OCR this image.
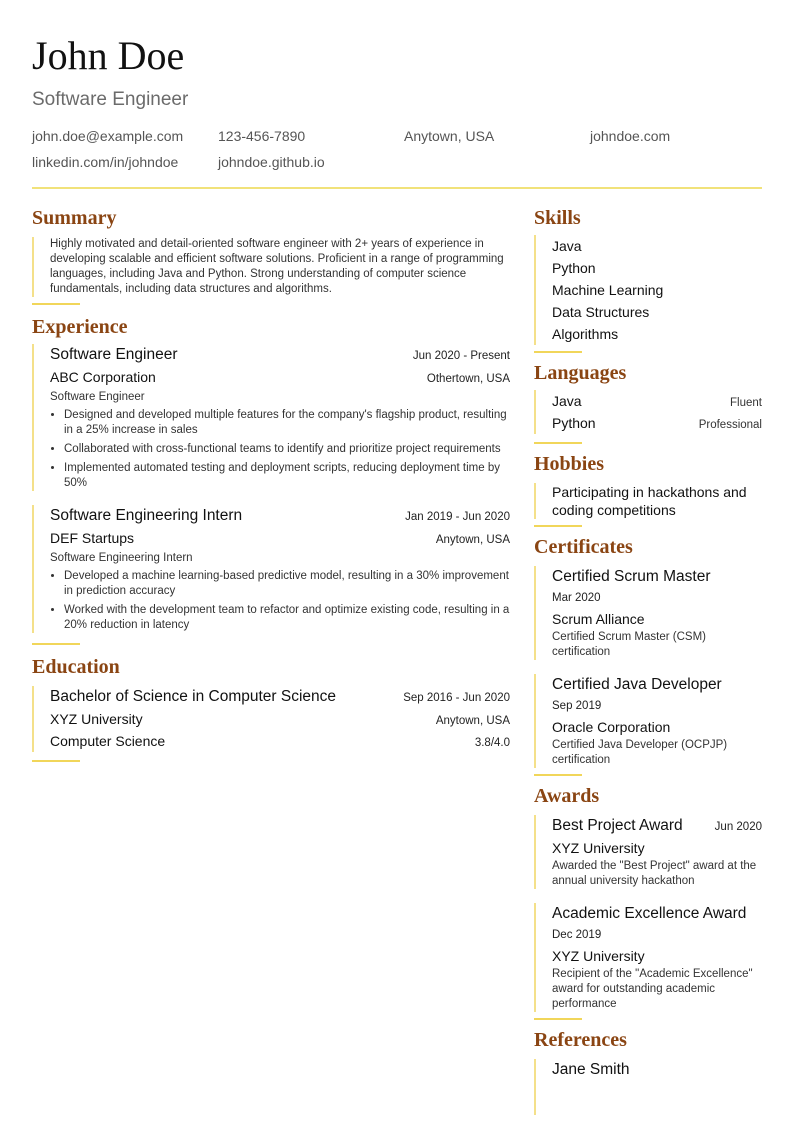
John Doe
Software Engineer
john.doe@example.com	123-456-7890	Anytown, USA	johndoe.com
linkedin.com/in/johndoe	johndoe.github.io
Summary

Highly motivated and detail-oriented software engineer with 2+ years of experience in developing scalable and efficient software solutions. Proficient in a range of programming languages, including Java and Python. Strong understanding of computer science fundamentals, including data structures and algorithms.

Experience
Software Engineer	Jun 2020 - Present
ABC Corporation	Othertown, USA
Software Engineer
• Designed and developed multiple features for the company's flagship product, resulting in a 25% increase in sales
• Collaborated with cross-functional teams to identify and prioritize project requirements
• Implemented automated testing and deployment scripts, reducing deployment time by 50%
Software Engineering Intern	Jan 2019 - Jun 2020
DEF Startups	Anytown, USA
Software Engineering Intern
• Developed a machine learning-based predictive model, resulting in a 30% improvement in prediction accuracy
• Worked with the development team to refactor and optimize existing code, resulting in a 20% reduction in latency
Education
Bachelor of Science in Computer Science	Sep 2016 - Jun 2020
XYZ University	Anytown, USA
Computer Science	3.8/4.0
Skills
Java
Python
Machine Learning
Data Structures
Algorithms
Languages
Java	Fluent
Python	Professional
Hobbies
Participating in hackathons and coding competitions
Certificates
Certified Scrum Master
Mar 2020
Scrum Alliance
Certified Scrum Master (CSM) certification
Certified Java Developer
Sep 2019
Oracle Corporation
Certified Java Developer (OCPJP) certification
Awards
Best Project Award	Jun 2020
XYZ University
Awarded the "Best Project" award at the annual university hackathon
Academic Excellence Award
Dec 2019
XYZ University
Recipient of the "Academic Excellence" award for outstanding academic performance
References
Jane Smith
